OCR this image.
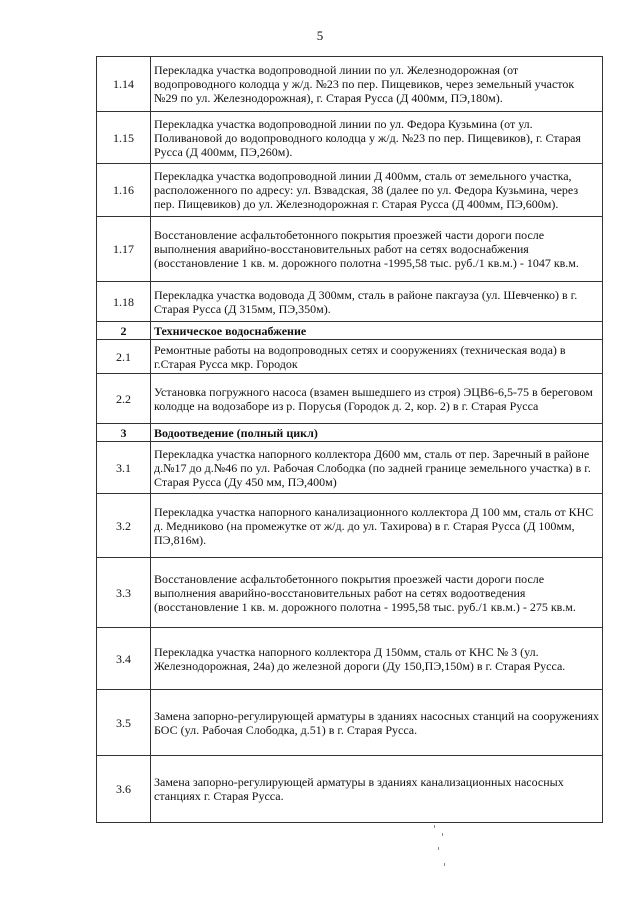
5
1.14	Перекладка участка водопроводной линии по ул. Железнодорожная (от водопроводного колодца у ж/д. №23 по пер. Пищевиков, через земельный участок №29 по ул. Железнодорожная), г. Старая Русса (Д 400мм, ПЭ,180м).
1.15	Перекладка участка водопроводной линии по ул. Федора Кузьмина (от ул. Поливановой до водопроводного колодца у ж/д. №23 по пер. Пищевиков), г. Старая Русса (Д 400мм, ПЭ,260м).
1.16	Перекладка участка водопроводной линии Д 400мм, сталь от земельного участка, расположенного по адресу: ул. Взвадская, 38 (далее по ул. Федора Кузьмина, через пер. Пищевиков) до ул. Железнодорожная г. Старая Русса (Д 400мм, ПЭ,600м).
1.17	Восстановление асфальтобетонного покрытия проезжей части дороги после выполнения аварийно-восстановительных работ на сетях водоснабжения (восстановление 1 кв. м. дорожного полотна -1995,58 тыс. руб./1 кв.м.) - 1047 кв.м.
1.18	Перекладка участка водовода Д 300мм, сталь в районе пакгауза (ул. Шевченко) в г. Старая Русса (Д 315мм, ПЭ,350м).
2	Техническое водоснабжение
2.1	Ремонтные работы на водопроводных сетях и сооружениях (техническая вода) в г.Старая Русса мкр. Городок
2.2	Установка погружного насоса (взамен вышедшего из строя) ЭЦВ6-6,5-75 в береговом колодце на водозаборе из р. Порусья (Городок д. 2, кор. 2) в г. Старая Русса
3	Водоотведение (полный цикл)
3.1	Перекладка участка напорного коллектора Д600 мм, сталь от пер. Заречный в районе д.№17 до д.№46 по ул. Рабочая Слободка (по задней границе земельного участка) в г. Старая Русса (Ду 450 мм, ПЭ,400м)
3.2	Перекладка участка напорного канализационного коллектора Д 100 мм, сталь от КНС д. Медниково (на промежутке от ж/д. до ул. Тахирова) в г. Старая Русса (Д 100мм, ПЭ,816м).
3.3	Восстановление асфальтобетонного покрытия проезжей части дороги после выполнения аварийно-восстановительных работ на сетях водоотведения (восстановление 1 кв. м. дорожного полотна - 1995,58 тыс. руб./1 кв.м.) - 275 кв.м.
3.4	Перекладка участка напорного коллектора Д 150мм, сталь от КНС № 3 (ул. Железнодорожная, 24а) до железной дороги (Ду 150,ПЭ,150м) в г. Старая Русса.
3.5	Замена запорно-регулирующей арматуры в зданиях насосных станций на сооружениях БОС (ул. Рабочая Слободка, д.51) в г. Старая Русса.
3.6	Замена запорно-регулирующей арматуры в зданиях канализационных насосных станциях г. Старая Русса.
